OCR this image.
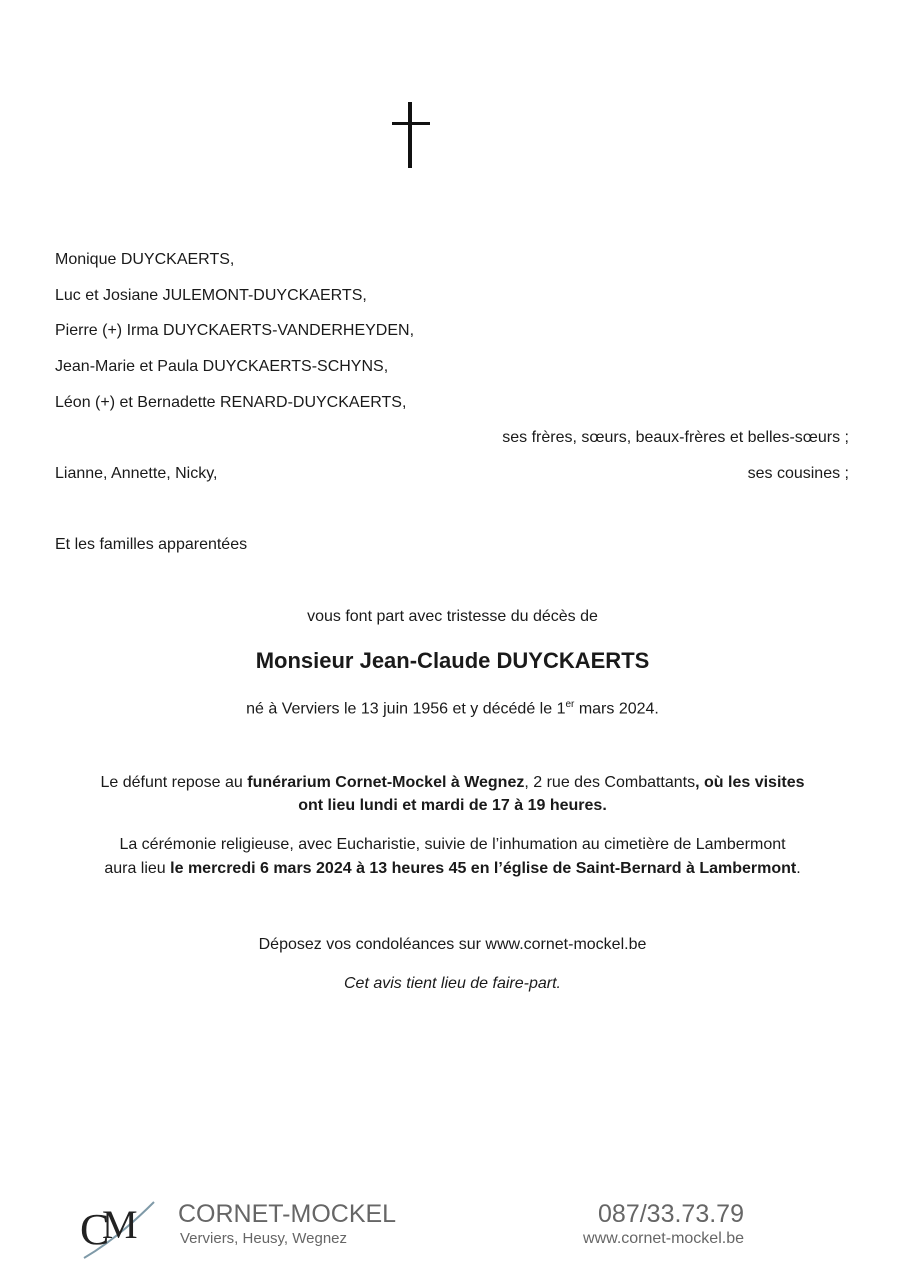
Monique DUYCKAERTS,
Luc et Josiane JULEMONT-DUYCKAERTS,
Pierre (+) Irma DUYCKAERTS-VANDERHEYDEN,
Jean-Marie et Paula DUYCKAERTS-SCHYNS,
Léon (+) et Bernadette RENARD-DUYCKAERTS,
ses frères, sœurs, beaux-frères et belles-sœurs ;
Lianne, Annette, Nicky,	ses cousines ;
Et les familles apparentées
vous font part avec tristesse du décès de
Monsieur Jean-Claude DUYCKAERTS
né à Verviers le 13 juin 1956 et y décédé le 1er mars 2024.
Le défunt repose au funérarium Cornet-Mockel à Wegnez, 2 rue des Combattants, où les visites
ont lieu lundi et mardi de 17 à 19 heures.
La cérémonie religieuse, avec Eucharistie, suivie de l’inhumation au cimetière de Lambermont
aura lieu le mercredi 6 mars 2024 à 13 heures 45 en l’église de Saint-Bernard à Lambermont.
Déposez vos condoléances sur www.cornet-mockel.be
Cet avis tient lieu de faire-part.
C
M CORNET-MOCKEL
Verviers, Heusy, Wegnez
087/33.73.79
www.cornet-mockel.be
